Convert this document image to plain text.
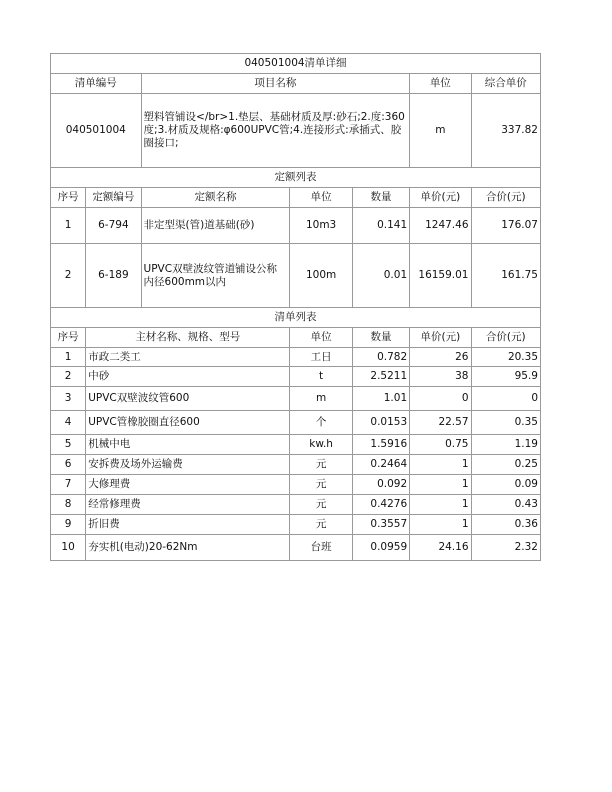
040501004清单详细						
清单编号		项目名称			单位	综合单价
040501004		塑料管铺设</br>1.垫层、基础材质及厚:砂石;2.度:360度;3.材质及规格:φ600UPVC管;4.连接形式:承插式、胶圈接口;			m	337.82
定额列表						
序号	定额编号	定额名称	单位	数量	单价(元)	合价(元)
1	6-794	非定型渠(管)道基础(砂)	10m3	0.141	1247.46	176.07
2	6-189	UPVC双壁波纹管道铺设公称内径600mm以内	100m	0.01	16159.01	161.75
清单列表						
序号	主材名称、规格、型号		单位	数量	单价(元)	合价(元)
1	市政二类工		工日	0.782	26	20.35
2	中砂		t	2.5211	38	95.9
3	UPVC双壁波纹管600		m	1.01	0	0
4	UPVC管橡胶圈直径600		个	0.0153	22.57	0.35
5	机械中电		kw.h	1.5916	0.75	1.19
6	安拆费及场外运输费		元	0.2464	1	0.25
7	大修理费		元	0.092	1	0.09
8	经常修理费		元	0.4276	1	0.43
9	折旧费		元	0.3557	1	0.36
10	夯实机(电动)20-62Nm		台班	0.0959	24.16	2.32
